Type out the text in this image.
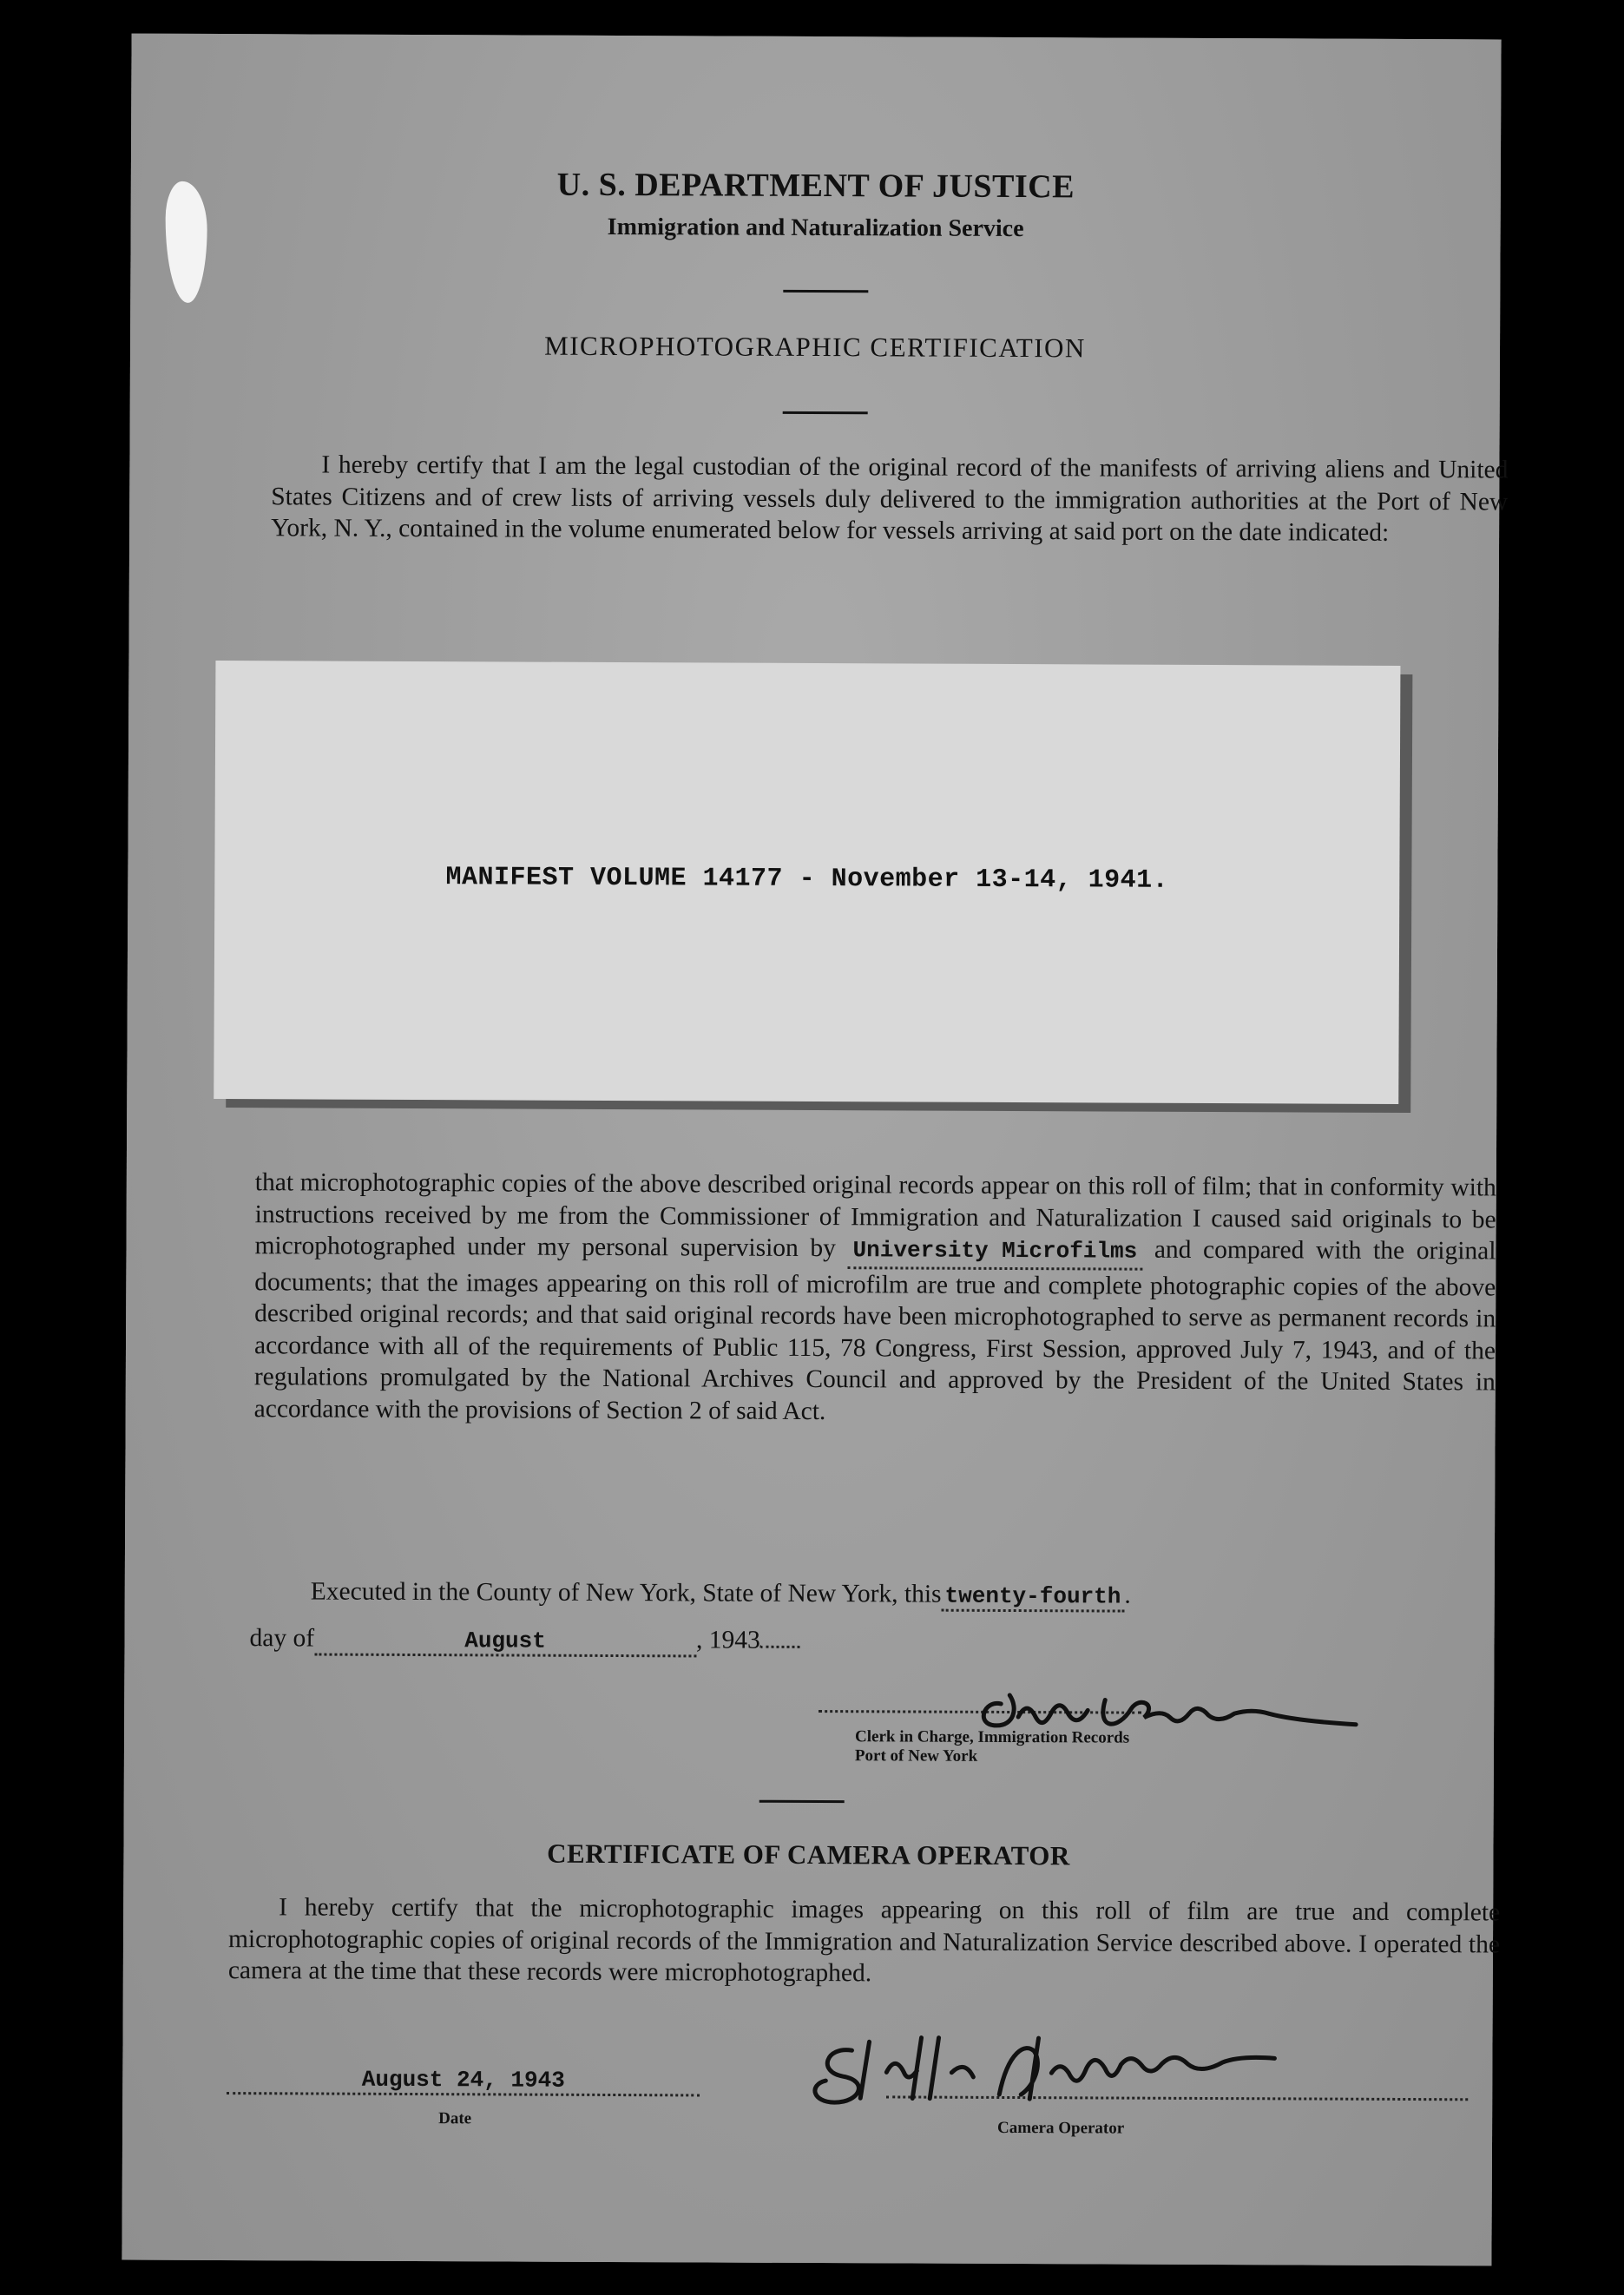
U. S. DEPARTMENT OF JUSTICE
Immigration and Naturalization Service
MICROPHOTOGRAPHIC CERTIFICATION

I hereby certify that I am the legal custodian of the original record of the manifests of arriving aliens and United States Citizens and of crew lists of arriving vessels duly delivered to the immigration authorities at the Port of New York, N. Y., contained in the volume enumerated below for vessels arriving at said port on the date indicated:

MANIFEST VOLUME 14177 - November 13-14, 1941.

that microphotographic copies of the above described original records appear on this roll of film; that in conformity with instructions received by me from the Commissioner of Immigration and Naturalization I caused said originals to be microphotographed under my personal supervision by University Microfilms and compared with the original documents; that the images appearing on this roll of microfilm are true and complete photographic copies of the above described original records; and that said original records have been microphotographed to serve as permanent records in accordance with all of the requirements of Public 115, 78 Congress, First Session, approved July 7, 1943, and of the regulations promulgated by the National Archives Council and approved by the President of the United States in accordance with the provisions of Section 2 of said Act.

Executed in the County of New York, State of New York, this twenty-fourth .
day of	August	, 1943
Clerk in Charge, Immigration Records
Port of New York
CERTIFICATE OF CAMERA OPERATOR

I hereby certify that the microphotographic images appearing on this roll of film are true and complete microphotographic copies of original records of the Immigration and Naturalization Service described above. I operated the camera at the time that these records were microphotographed.

August 24, 1943
Date
Camera Operator
